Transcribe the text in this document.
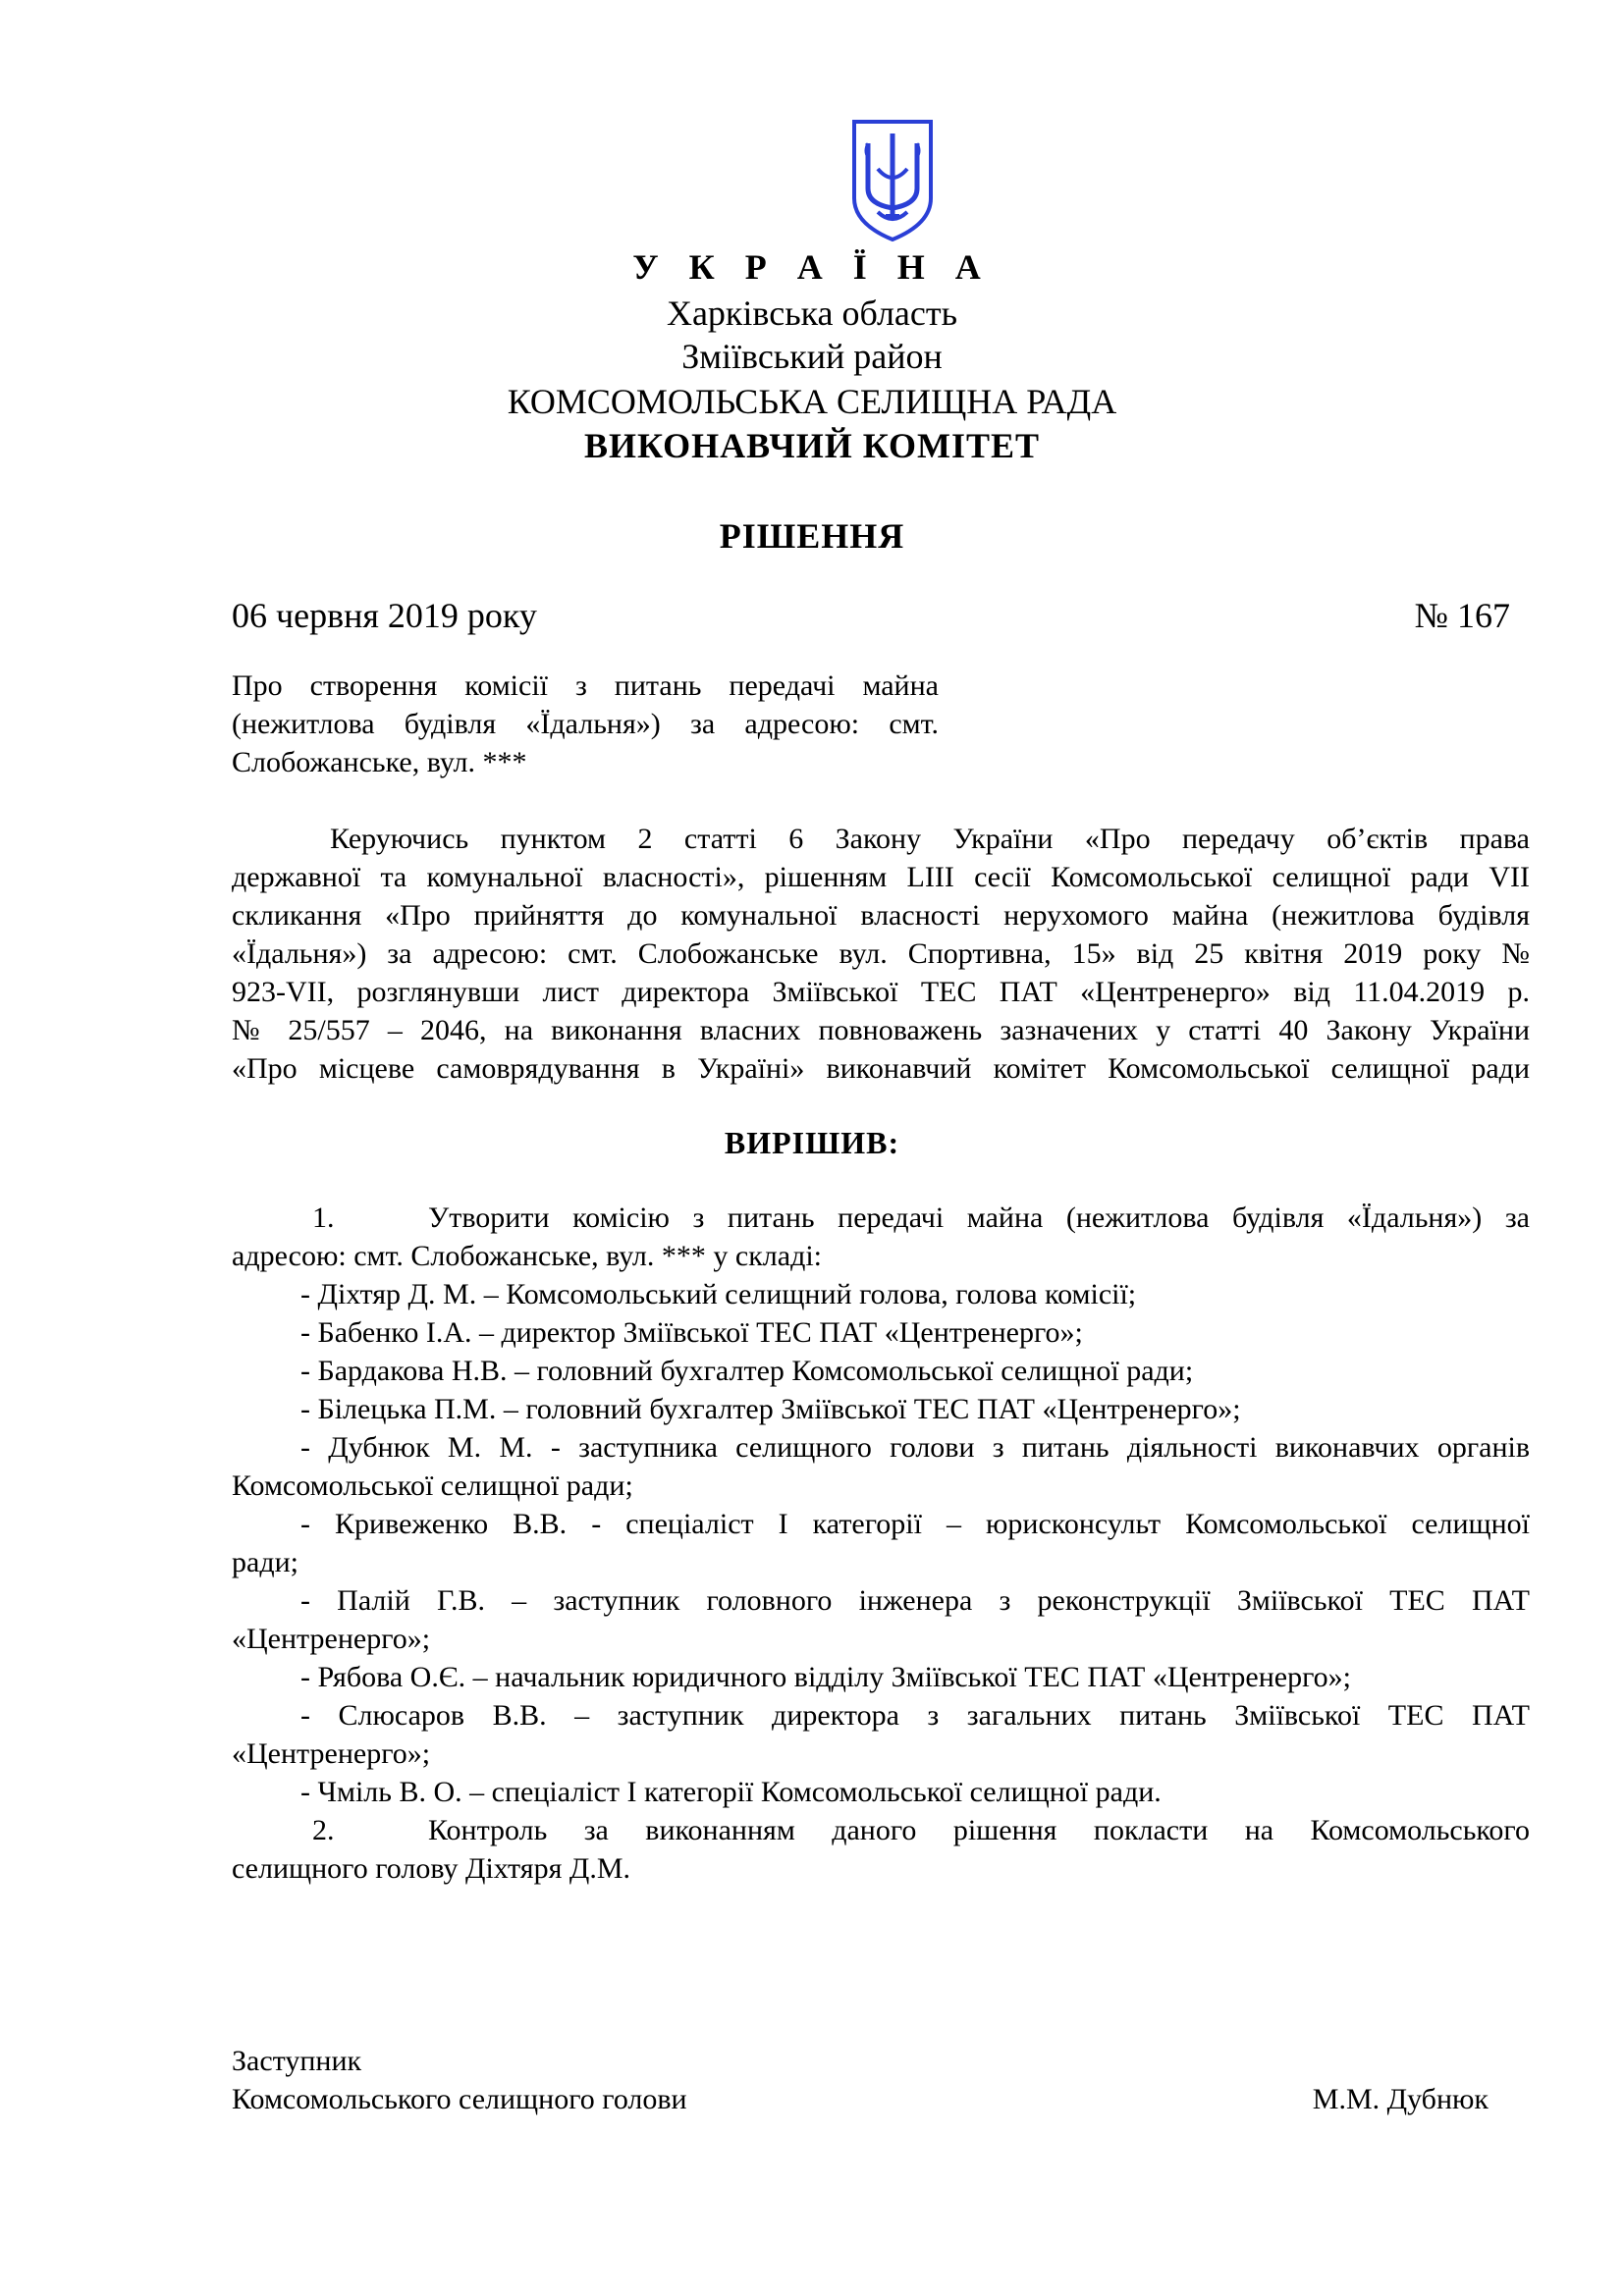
У К Р А Ї Н А
Харківська область
Зміївський район
КОМСОМОЛЬСЬКА СЕЛИЩНА РАДА
ВИКОНАВЧИЙ КОМІТЕТ
РІШЕННЯ
06 червня 2019 року	№ 167
Про створення комісії з питань передачі майна
(нежитлова будівля «Їдальня») за адресою: смт.
Слобожанське, вул. ***
Керуючись пунктом 2 статті 6 Закону України «Про передачу об’єктів права
державної та комунальної власності», рішенням LIII сесії Комсомольської селищної ради VII
скликання «Про прийняття до комунальної власності нерухомого майна (нежитлова будівля
«Їдальня») за адресою: смт. Слобожанське вул. Спортивна, 15» від 25 квітня 2019 року №
923-VII, розглянувши лист директора Зміївської ТЕС ПАТ «Центренерго» від 11.04.2019 р.
№ 25/557 – 2046, на виконання власних повноважень зазначених у статті 40 Закону України
«Про місцеве самоврядування в Україні» виконавчий комітет Комсомольської селищної ради
ВИРІШИВ:
1.	Утворити комісію з питань передачі майна (нежитлова будівля «Їдальня») за
адресою: смт. Слобожанське, вул. *** у складі:
- Діхтяр Д. М. – Комсомольський селищний голова, голова комісії;
- Бабенко І.А. – директор Зміївської ТЕС ПАТ «Центренерго»;
- Бардакова Н.В. – головний бухгалтер Комсомольської селищної ради;
- Білецька П.М. – головний бухгалтер Зміївської ТЕС ПАТ «Центренерго»;
- Дубнюк М. М. - заступника селищного голови з питань діяльності виконавчих органів
Комсомольської селищної ради;
- Кривеженко В.В. - спеціаліст І категорії – юрисконсульт Комсомольської селищної
ради;
- Палій Г.В. – заступник головного інженера з реконструкції Зміївської ТЕС ПАТ
«Центренерго»;
- Рябова О.Є. – начальник юридичного відділу Зміївської ТЕС ПАТ «Центренерго»;
- Слюсаров В.В. – заступник директора з загальних питань Зміївської ТЕС ПАТ
«Центренерго»;
- Чміль В. О. – спеціаліст І категорії Комсомольської селищної ради.
2.	Контроль за виконанням даного рішення покласти на Комсомольського
селищного голову Діхтяря Д.М.
Заступник
Комсомольського селищного голови	М.М. Дубнюк
